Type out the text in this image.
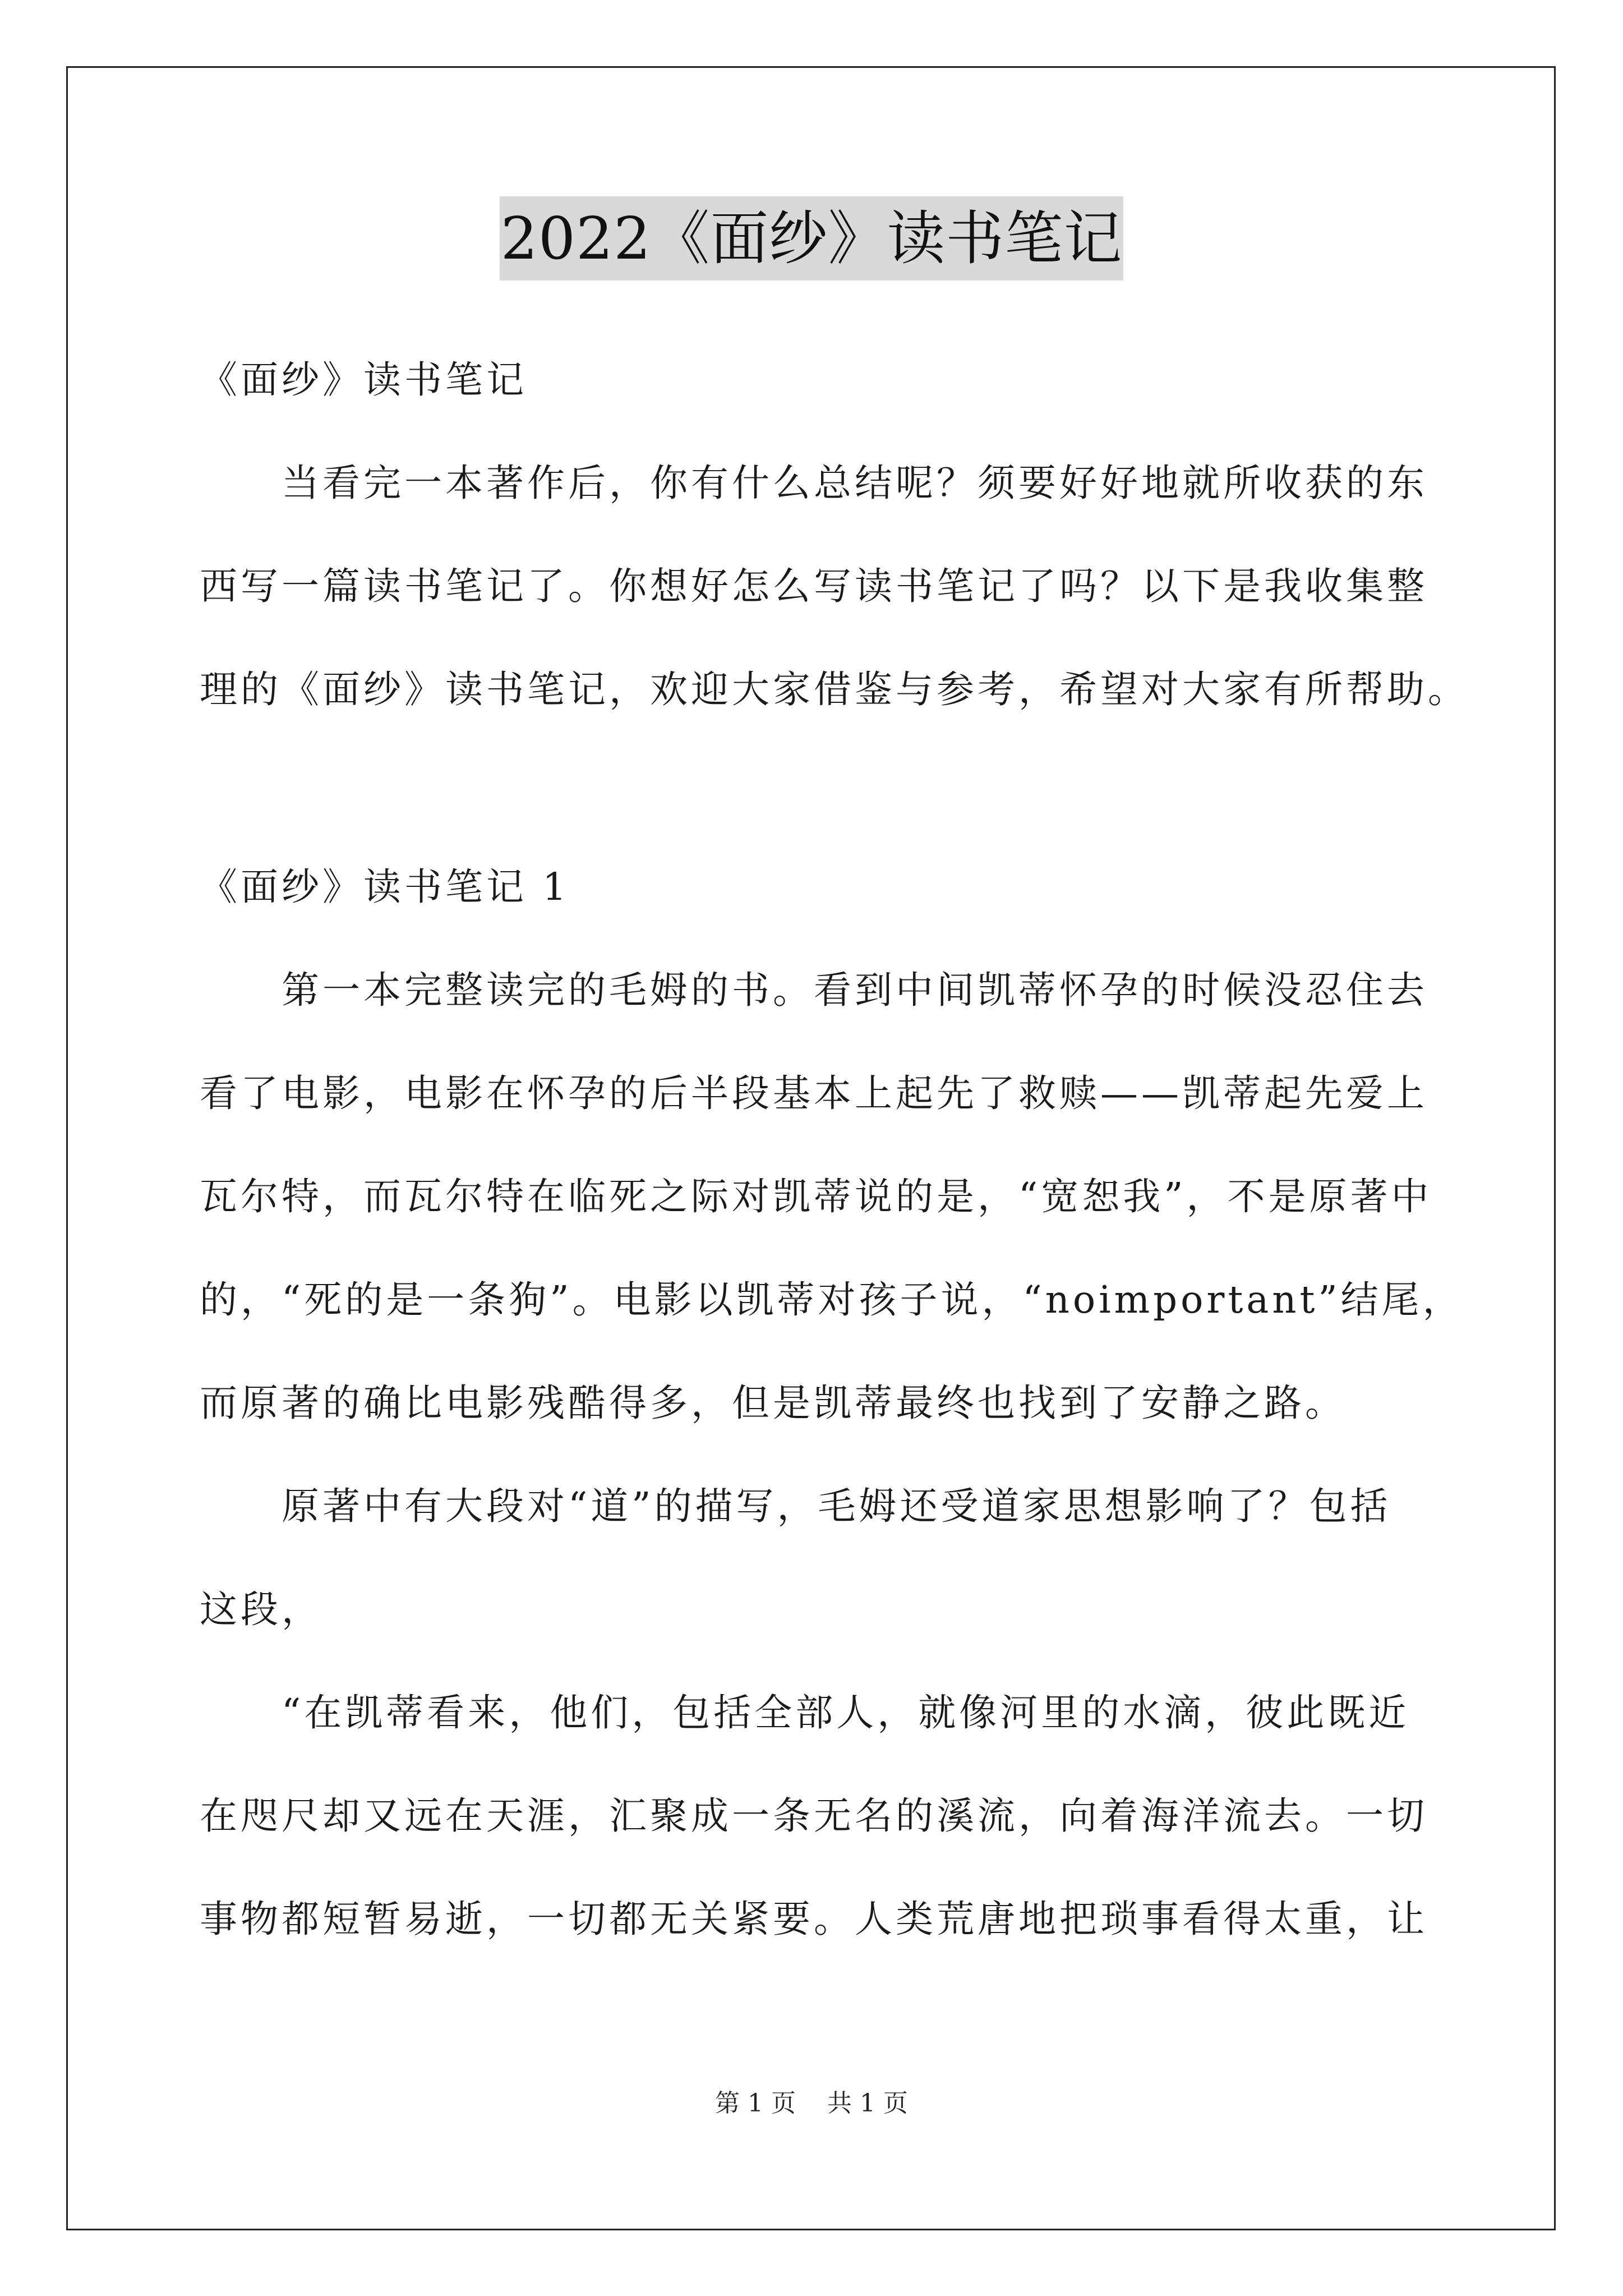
2022《面纱》读书笔记
《面纱》读书笔记
当看完一本著作后，你有什么总结呢？须要好好地就所收获的东
西写一篇读书笔记了。你想好怎么写读书笔记了吗？以下是我收集整
理的《面纱》读书笔记，欢迎大家借鉴与参考，希望对大家有所帮助。
《面纱》读书笔记 1
第一本完整读完的毛姆的书。看到中间凯蒂怀孕的时候没忍住去
看了电影，电影在怀孕的后半段基本上起先了救赎——凯蒂起先爱上
瓦尔特，而瓦尔特在临死之际对凯蒂说的是，“宽恕我”，不是原著中
的，“死的是一条狗”。电影以凯蒂对孩子说，“noimportant”结尾，
而原著的确比电影残酷得多，但是凯蒂最终也找到了安静之路。
原著中有大段对“道”的描写，毛姆还受道家思想影响了？包括
这段，
“在凯蒂看来，他们，包括全部人，就像河里的水滴，彼此既近
在咫尺却又远在天涯，汇聚成一条无名的溪流，向着海洋流去。一切
事物都短暂易逝，一切都无关紧要。人类荒唐地把琐事看得太重，让
第 1 页    共 1 页
